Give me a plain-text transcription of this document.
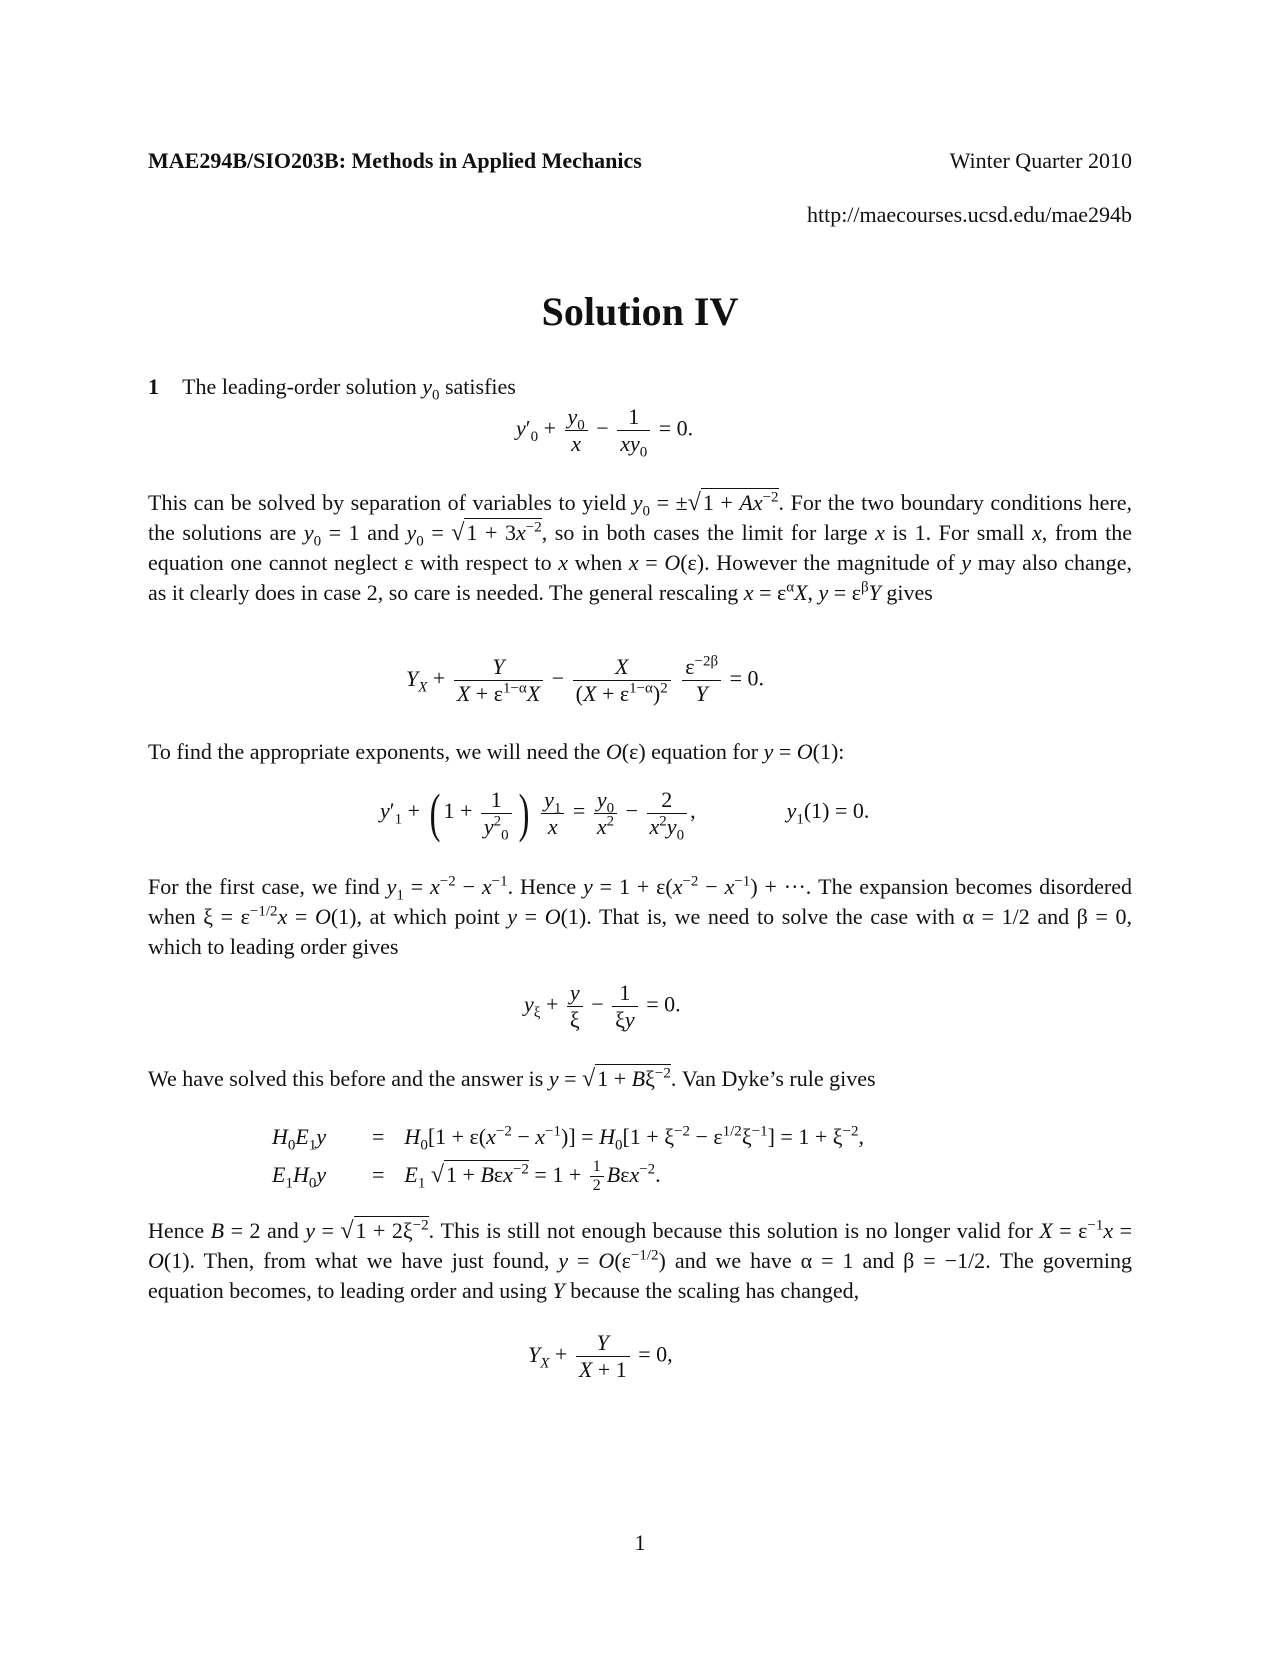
MAE294B/SIO203B: Methods in Applied Mechanics	Winter Quarter 2010
http://maecourses.ucsd.edu/mae294b
Solution IV
1 The leading-order solution $y_0$ satisfies
$y'_0 + \frac{y_0}{x} - \frac{1}{xy_0} = 0$.
This can be solved by separation of variables to yield $y_0 = \pm√1 + Ax^{-2}$. For the two boundary conditions here, the solutions are $y_0 = 1$ and $y_0 = √1 + 3x^{-2}$, so in both cases the limit for large x is 1. For small x, from the equation one cannot neglect ε with respect to x when x = O(ε). However the magnitude of y may also change, as it clearly does in case 2, so care is needed. The general rescaling $x = \varepsilon^\alpha X$, $y = \varepsilon^\beta Y$ gives
$Y_X + \frac{Y}{X + \varepsilon^{1-\alpha}X} - \frac{X}{(X + \varepsilon^{1-\alpha})^2}$
$\frac{\varepsilon^{-2\beta}}{Y} = 0$.
To find the appropriate exponents, we will need the O(ε) equation for y = O(1):
$y'_1$ + ( $1 + \frac{1}{y^2_0}$ ) $\frac{y_1}{x} = \frac{y_0}{x^2} - \frac{2}{x^2y_0}$ ,	$y_1(1) = 0$.
For the first case, we find $y_1 = x^{-2} - x^{-1}$. Hence $y = 1 + \varepsilon(x^{-2} - x^{-1})$ + ···. The expansion becomes disordered when $\xi = \varepsilon^{-1/2}x = O(1)$, at which point y = O(1). That is, we need to solve the case with α = 1/2 and β = 0, which to leading order gives
$y_\xi + \frac{y}{\xi} - \frac{1}{\xi y} = 0$.
We have solved this before and the answer is $y = √1 + B\xi^{-2}$. Van Dyke’s rule gives
$H_0E_1y = H_0[1 + \varepsilon(x^{-2} - x^{-1})] = H_0[1 + \xi^{-2} - \varepsilon^{1/2}\xi^{-1}] = 1 + \xi^{-2}$,
$E_1H_0y = E_1$ $√1 + B\varepsilon x^{-2} = 1 + \frac{1}{2} B\varepsilon x^{-2}$.
Hence B = 2 and $y = √1 + 2\xi^{-2}$. This is still not enough because this solution is no longer valid for $X = \varepsilon^{-1}x = O(1)$. Then, from what we have just found, $y = O(\varepsilon^{-1/2})$ and we have α = 1 and β = −1/2. The governing equation becomes, to leading order and using Y because the scaling has changed,
$Y_X + \frac{Y}{X + 1} = 0$,
1
